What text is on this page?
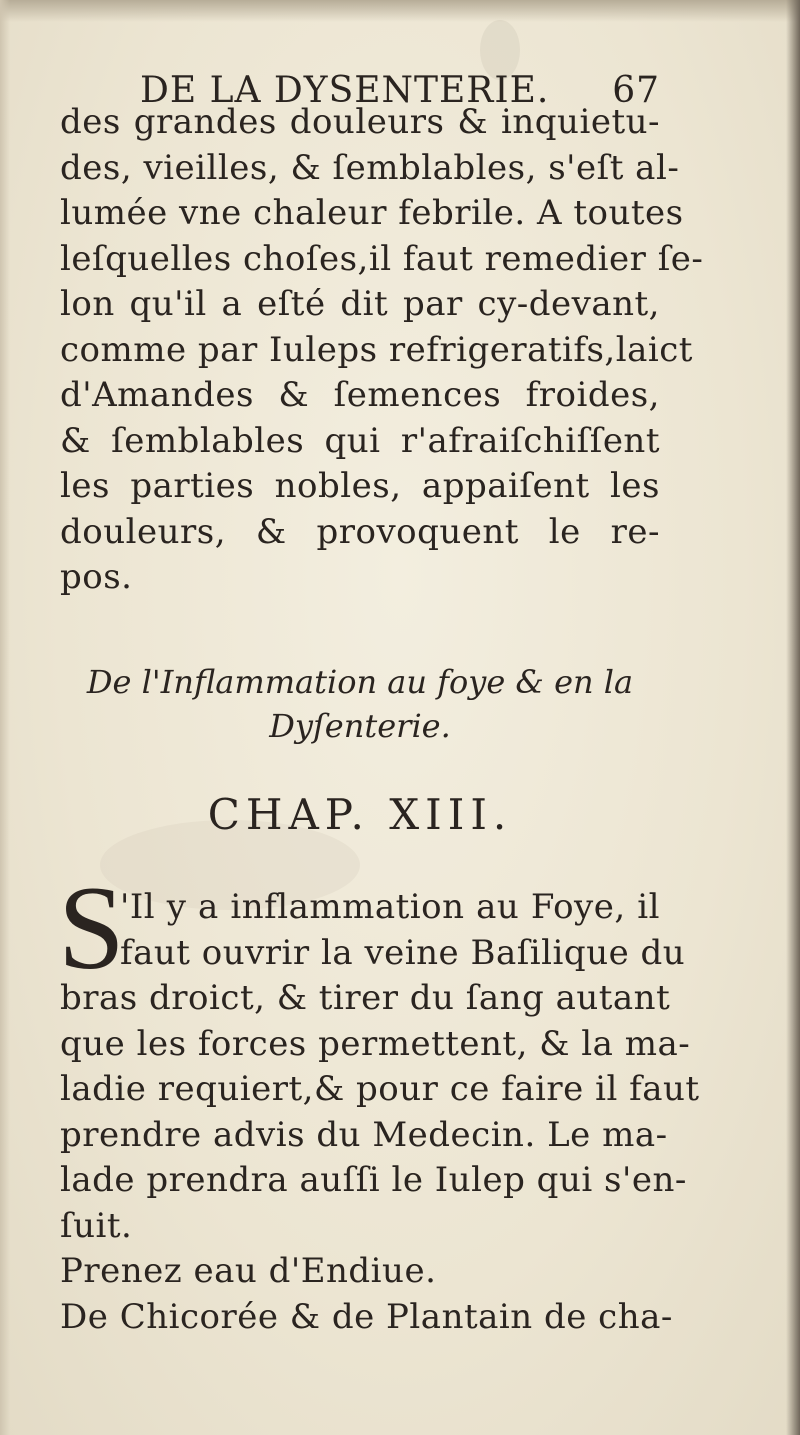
DE LA DYSENTERIE. 67
des grandes douleurs & inquietu-
des, vieilles, & ſemblables, s'eſt al-
lumée vne chaleur febrile. A toutes
leſquelles choſes,il faut remedier ſe-
lon qu'il a eſté dit par cy-devant,
comme par Iuleps refrigeratifs,laict
d'Amandes & ſemences froides,
& ſemblables qui r'afraiſchiſſent
les parties nobles, appaiſent les
douleurs, & provoquent le re-
pos.
De l'Inflammation au foye & en la
Dyſenterie.
CHAP. XIII.
S
'Il y a inflammation au Foye, il
faut ouvrir la veine Baſilique du
bras droict, & tirer du ſang autant
que les forces permettent, & la ma-
ladie requiert,& pour ce faire il faut
prendre advis du Medecin. Le ma-
lade prendra auſſi le Iulep qui s'en-
ſuit.
Prenez eau d'Endiue.
De Chicorée & de Plantain de cha-
